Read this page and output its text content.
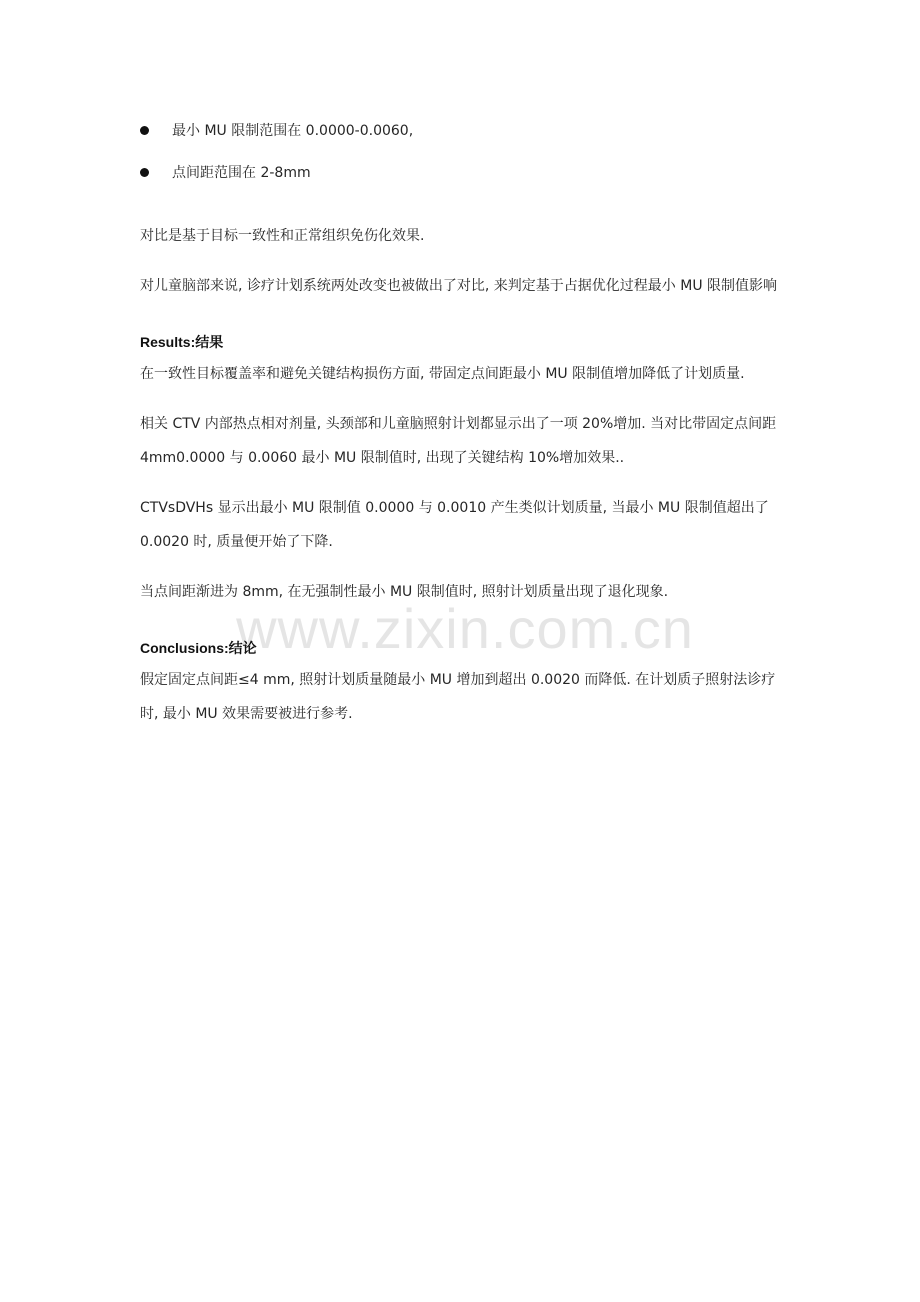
www.zixin.com.cn
最小 MU 限制范围在 0.0000-0.0060,
点间距范围在 2-8mm

对比是基于目标一致性和正常组织免伤化效果.

对儿童脑部来说, 诊疗计划系统两处改变也被做出了对比, 来判定基于占据优化过程最小 MU 限制值影响

Results:结果

在一致性目标覆盖率和避免关键结构损伤方面, 带固定点间距最小 MU 限制值增加降低了计划质量.

相关 CTV 内部热点相对剂量, 头颈部和儿童脑照射计划都显示出了一项 20%增加. 当对比带固定点间距 4mm0.0000 与 0.0060 最小 MU 限制值时, 出现了关键结构 10%增加效果..

CTVsDVHs 显示出最小 MU 限制值 0.0000 与 0.0010 产生类似计划质量, 当最小 MU 限制值超出了 0.0020 时, 质量便开始了下降.

当点间距渐进为 8mm, 在无强制性最小 MU 限制值时, 照射计划质量出现了退化现象.

Conclusions:结论

假定固定点间距≤4 mm, 照射计划质量随最小 MU 增加到超出 0.0020 而降低. 在计划质子照射法诊疗时, 最小 MU 效果需要被进行参考.
